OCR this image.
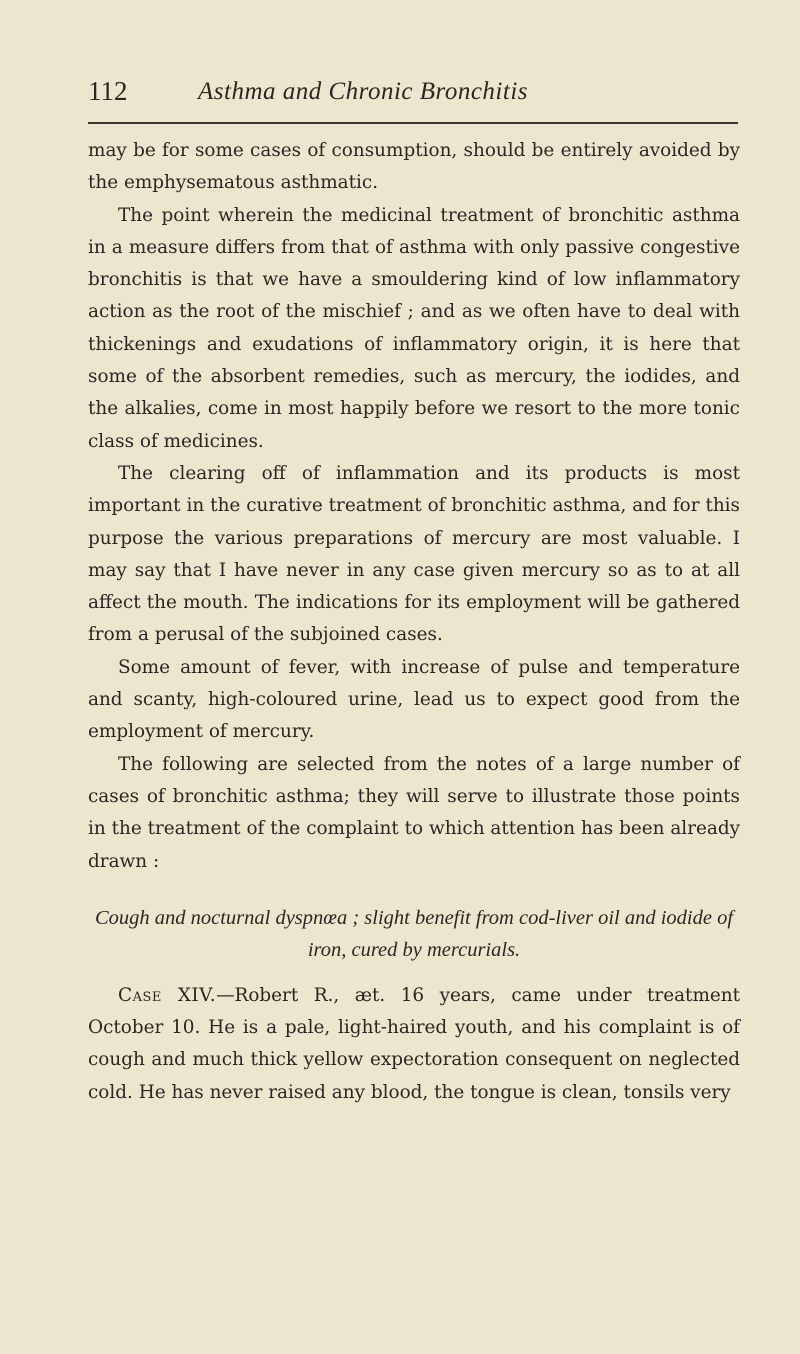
112	Asthma and Chronic Bronchitis

may be for some cases of consumption, should be entirely avoided by the emphysematous asthmatic.

The point wherein the medicinal treatment of bronchitic asthma in a measure differs from that of asthma with only passive congestive bronchitis is that we have a smouldering kind of low inflammatory action as the root of the mischief ; and as we often have to deal with thickenings and exudations of inflammatory origin, it is here that some of the absorbent remedies, such as mercury, the iodides, and the alkalies, come in most happily before we resort to the more tonic class of medicines.

The clearing off of inflammation and its products is most important in the curative treatment of bronchitic asthma, and for this purpose the various preparations of mercury are most valuable. I may say that I have never in any case given mercury so as to at all affect the mouth. The indications for its employment will be gathered from a perusal of the subjoined cases.

Some amount of fever, with increase of pulse and temperature and scanty, high-coloured urine, lead us to expect good from the employment of mercury.

The following are selected from the notes of a large number of cases of bronchitic asthma; they will serve to illustrate those points in the treatment of the complaint to which attention has been already drawn :

Cough and nocturnal dyspnœa ; slight benefit from cod-liver oil and iodide of iron, cured by mercurials.

Case XIV.—Robert R., æt. 16 years, came under treatment October 10. He is a pale, light-haired youth, and his complaint is of cough and much thick yellow expectoration consequent on neglected cold. He has never raised any blood, the tongue is clean, tonsils very
